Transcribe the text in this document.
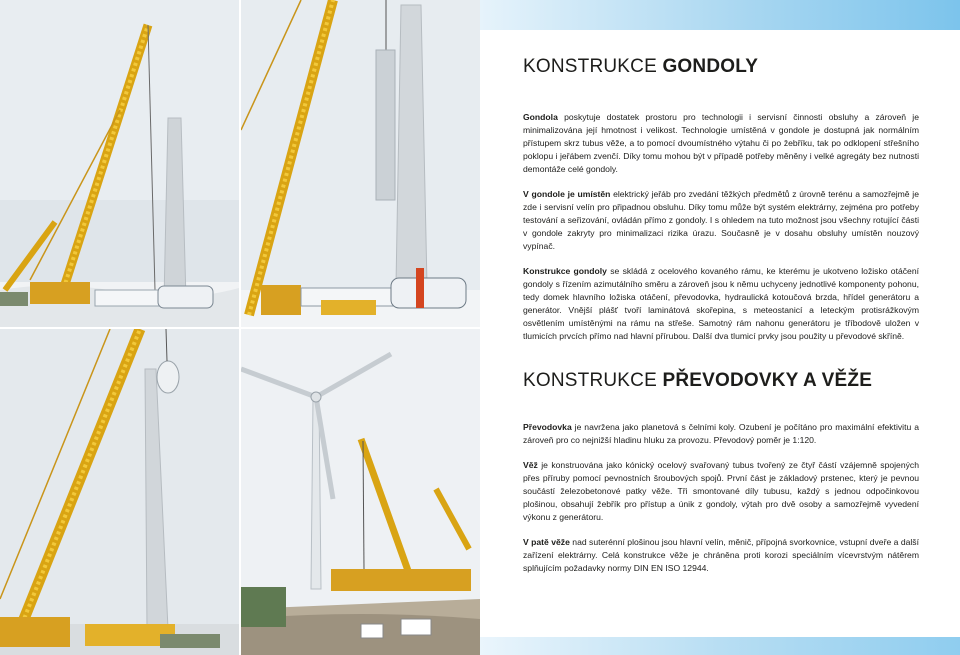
KONSTRUKCE GONDOLY

Gondola poskytuje dostatek prostoru pro technologii i servisní činnosti obsluhy a zároveň je minimalizována její hmotnost i velikost. Technologie umístěná v gondole je dostupná jak normálním přístupem skrz tubus věže, a to pomocí dvoumístného výtahu či po žebříku, tak po odklopení střešního poklopu i jeřábem zvenčí. Díky tomu mohou být v případě potřeby měněny i velké agregáty bez nutnosti demontáže celé gondoly.

V gondole je umístěn elektrický jeřáb pro zvedání těžkých předmětů z úrovně terénu a samozřejmě je zde i servisní velín pro připadnou obsluhu. Díky tomu může být systém elektrárny, zejména pro potřeby testování a seřizování, ovládán přímo z gondoly. I s ohledem na tuto možnost jsou všechny rotující části v gondole zakryty pro minimalizaci rizika úrazu. Současně je v dosahu obsluhy umístěn nouzový vypínač.

Konstrukce gondoly se skládá z ocelového kovaného rámu, ke kterému je ukotveno ložisko otáčení gondoly s řízením azimutálního směru a zároveň jsou k němu uchyceny jednotlivé komponenty pohonu, tedy domek hlavního ložiska otáčení, převodovka, hydraulická kotoučová brzda, hřídel generátoru a generátor. Vnější plášť tvoří laminátová skořepina, s meteostanicí a leteckým protisrážkovým osvětlením umístěnými na rámu na střeše. Samotný rám nahonu generátoru je tříbodově uložen v tlumicích prvcích přímo nad hlavní přírubou. Další dva tlumicí prvky jsou použity u převodové skříně.

KONSTRUKCE PŘEVODOVKY A VĚŽE

Převodovka je navržena jako planetová s čelními koly. Ozubení je počítáno pro maximální efektivitu a zároveň pro co nejnižší hladinu hluku za provozu. Převodový poměr je 1:120.

Věž je konstruována jako kónický ocelový svařovaný tubus tvořený ze čtyř částí vzájemně spojených přes příruby pomocí pevnostních šroubových spojů. První část je základový prstenec, který je pevnou součástí železobetonové patky věže. Tři smontované díly tubusu, každý s jednou odpočinkovou plošinou, obsahují žebřík pro přístup a únik z gondoly, výtah pro dvě osoby a samozřejmě vyvedení výkonu z generátoru.

V patě věže nad suterénní plošinou jsou hlavní velín, měnič, přípojná svorkovnice, vstupní dveře a další zařízení elektrárny. Celá konstrukce věže je chráněna proti korozi speciálním vícevrstvým nátěrem splňujícím požadavky normy DIN EN ISO 12944.
